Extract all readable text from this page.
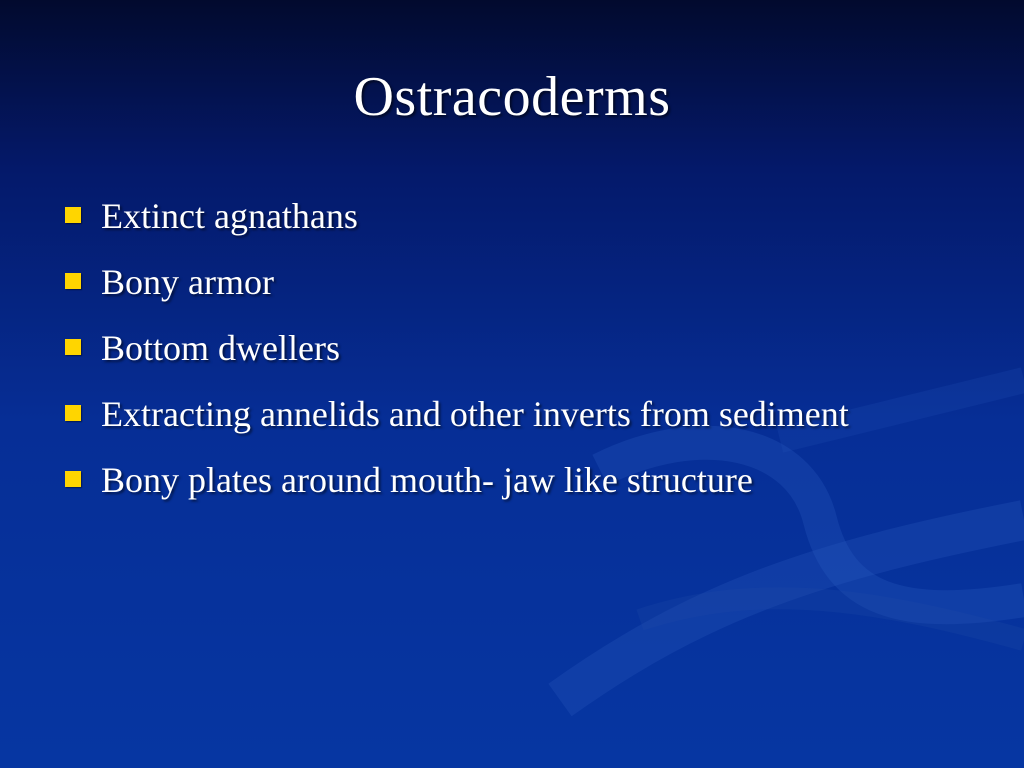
Ostracoderms
Extinct agnathans
Bony armor
Bottom dwellers
Extracting annelids and other inverts from sediment
Bony plates around mouth- jaw like structure
